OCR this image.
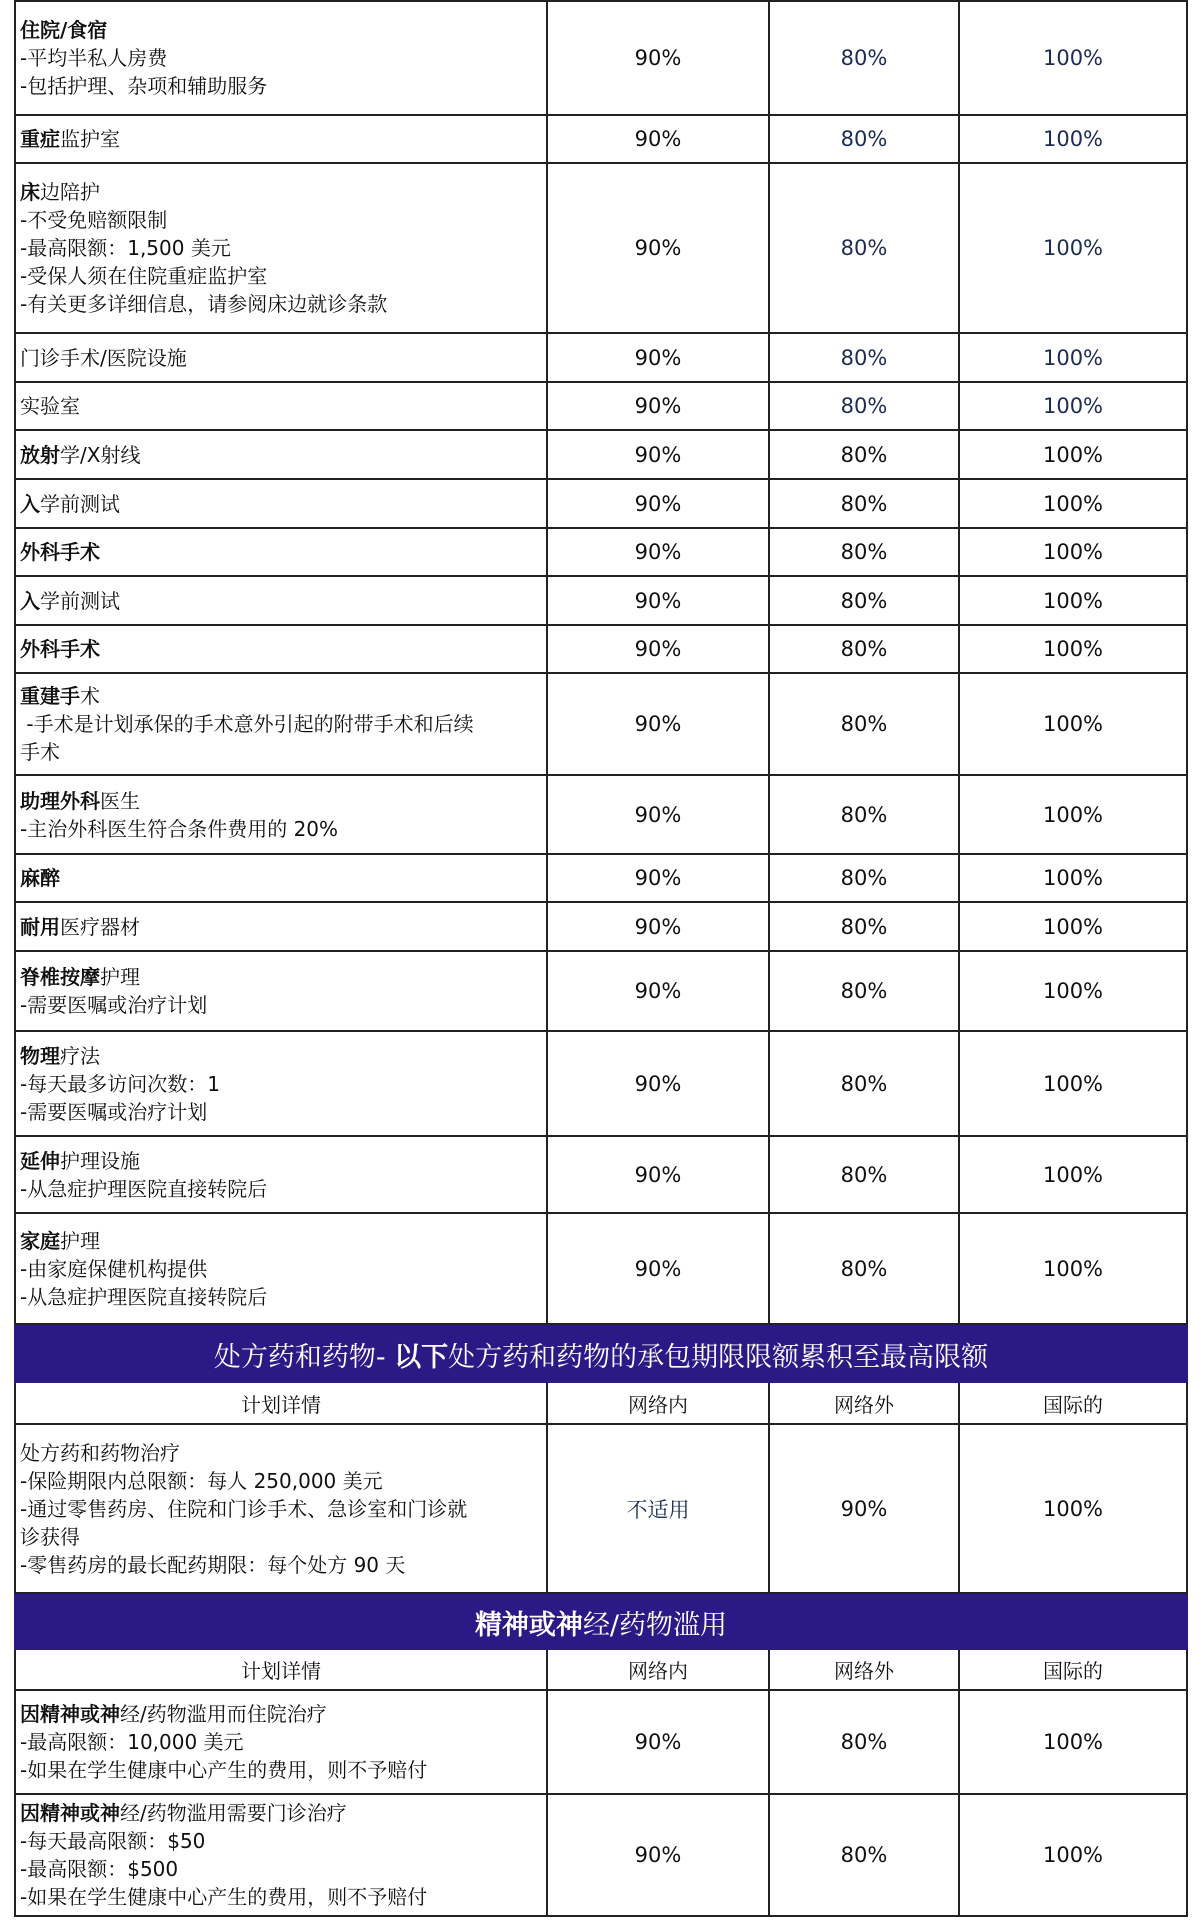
住院/食宿
-平均半私人房费
-包括护理、杂项和辅助服务
90%	80%	100%
重症监护室	90%	80%	100%
床边陪护
-不受免赔额限制
-最高限额：1,500 美元
-受保人须在住院重症监护室
-有关更多详细信息，请参阅床边就诊条款
90%	80%	100%
门诊手术/医院设施	90%	80%	100%
实验室	90%	80%	100%
放射学/X射线	90%	80%	100%
入学前测试	90%	80%	100%
外科手术	90%	80%	100%
入学前测试	90%	80%	100%
外科手术	90%	80%	100%
重建手术
-手术是计划承保的手术意外引起的附带手术和后续
手术
90%	80%	100%
助理外科医生
-主治外科医生符合条件费用的 20%
90%	80%	100%
麻醉	90%	80%	100%
耐用医疗器材	90%	80%	100%
脊椎按摩护理
-需要医嘱或治疗计划
90%	80%	100%
物理疗法
-每天最多访问次数：1
-需要医嘱或治疗计划
90%	80%	100%
延伸护理设施
-从急症护理医院直接转院后
90%	80%	100%
家庭护理
-由家庭保健机构提供
-从急症护理医院直接转院后
90%	80%	100%
处方药和药物- 以下处方药和药物的承包期限限额累积至最高限额
计划详情	网络内	网络外	国际的
处方药和药物治疗
-保险期限内总限额：每人 250,000 美元
-通过零售药房、住院和门诊手术、急诊室和门诊就
诊获得
-零售药房的最长配药期限：每个处方 90 天
不适用	90%	100%
精神或神经/药物滥用
计划详情	网络内	网络外	国际的
因精神或神经/药物滥用而住院治疗
-最高限额：10,000 美元
-如果在学生健康中心产生的费用，则不予赔付
90%	80%	100%
因精神或神经/药物滥用需要门诊治疗
-每天最高限额：$50
-最高限额：$500
-如果在学生健康中心产生的费用，则不予赔付
90%	80%	100%
